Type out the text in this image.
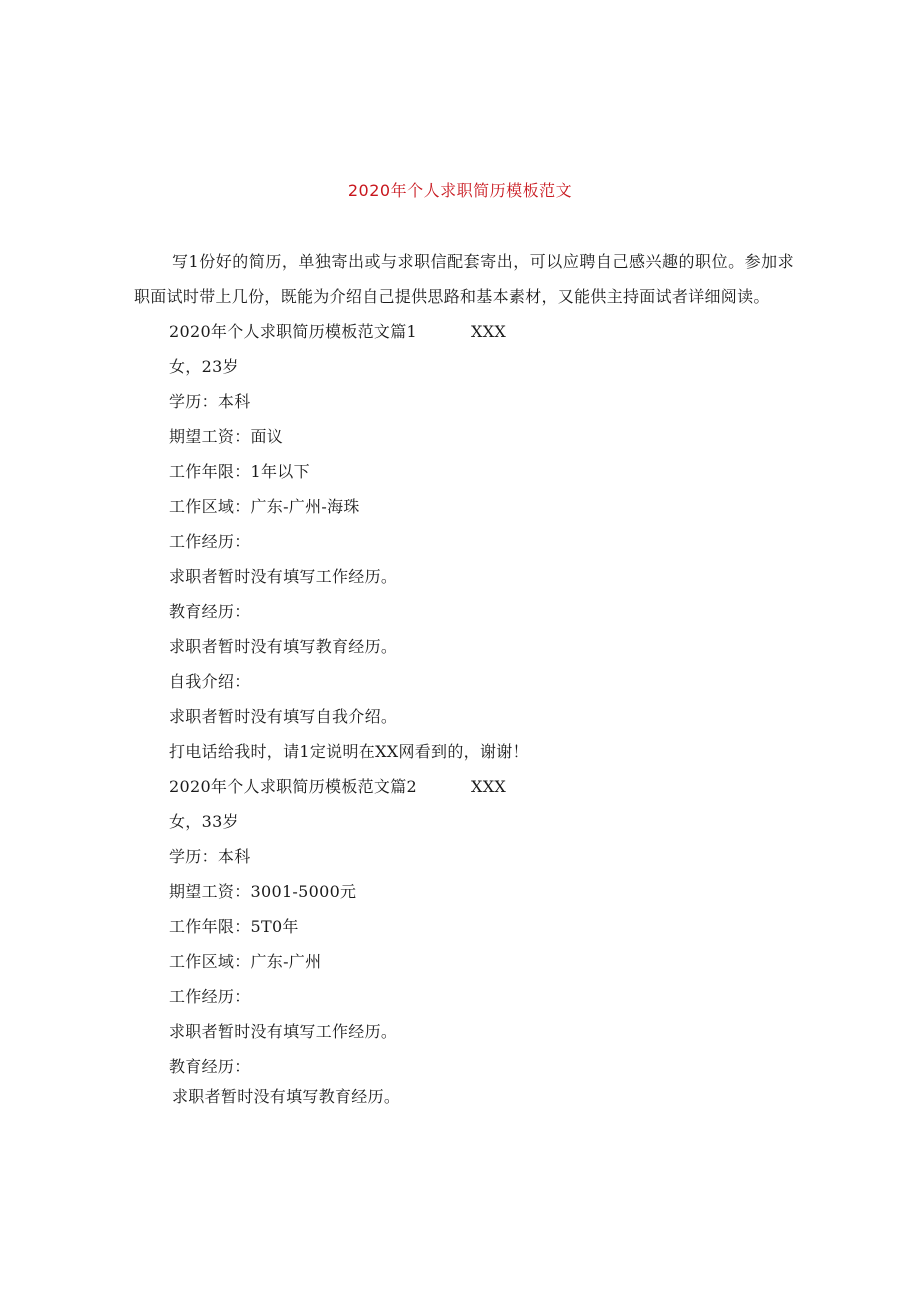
2020年个人求职简历模板范文

写1份好的简历，单独寄出或与求职信配套寄出，可以应聘自己感兴趣的职位。参加求职面试时带上几份，既能为介绍自己提供思路和基本素材，又能供主持面试者详细阅读。

2020年个人求职简历模板范文篇1	XXX
女，23岁
学历：本科
期望工资：面议
工作年限：1年以下
工作区域：广东-广州-海珠
工作经历：
求职者暂时没有填写工作经历。
教育经历：
求职者暂时没有填写教育经历。
自我介绍：
求职者暂时没有填写自我介绍。
打电话给我时，请1定说明在XX网看到的，谢谢！
2020年个人求职简历模板范文篇2	XXX
女，33岁
学历：本科
期望工资：3001-5000元
工作年限：5T0年
工作区域：广东-广州
工作经历：
求职者暂时没有填写工作经历。
教育经历：
求职者暂时没有填写教育经历。
